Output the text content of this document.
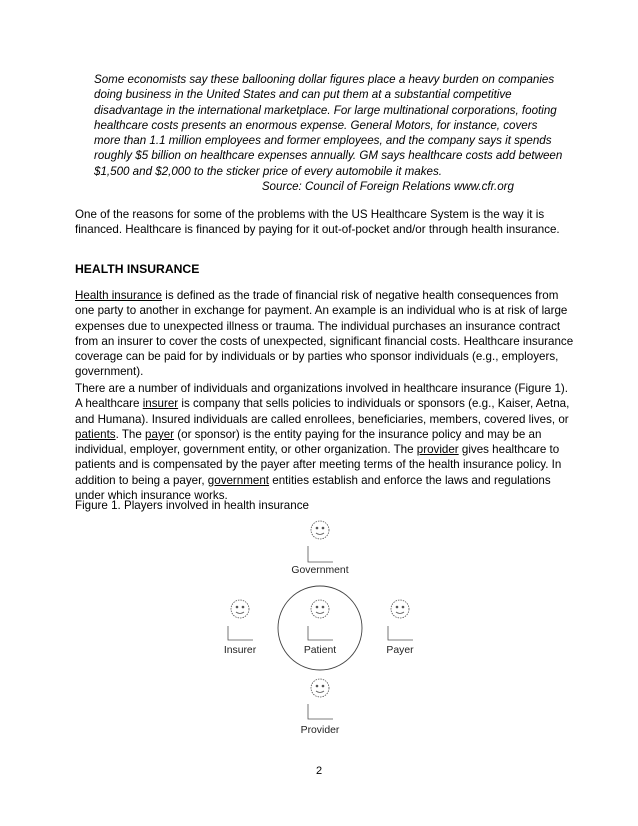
Some economists say these ballooning dollar figures place a heavy burden on companies doing business in the United States and can put them at a substantial competitive disadvantage in the international marketplace. For large multinational corporations, footing healthcare costs presents an enormous expense. General Motors, for instance, covers more than 1.1 million employees and former employees, and the company says it spends roughly $5 billion on healthcare expenses annually. GM says healthcare costs add between $1,500 and $2,000 to the sticker price of every automobile it makes.

Source: Council of Foreign Relations www.cfr.org

One of the reasons for some of the problems with the US Healthcare System is the way it is financed. Healthcare is financed by paying for it out-of-pocket and/or through health insurance.

HEALTH INSURANCE

Health insurance is defined as the trade of financial risk of negative health consequences from one party to another in exchange for payment. An example is an individual who is at risk of large expenses due to unexpected illness or trauma. The individual purchases an insurance contract from an insurer to cover the costs of unexpected, significant financial costs. Healthcare insurance coverage can be paid for by individuals or by parties who sponsor individuals (e.g., employers, government).

There are a number of individuals and organizations involved in healthcare insurance (Figure 1). A healthcare insurer is company that sells policies to individuals or sponsors (e.g., Kaiser, Aetna, and Humana). Insured individuals are called enrollees, beneficiaries, members, covered lives, or patients. The payer (or sponsor) is the entity paying for the insurance policy and may be an individual, employer, government entity, or other organization. The provider gives healthcare to patients and is compensated by the payer after meeting terms of the health insurance policy. In addition to being a payer, government entities establish and enforce the laws and regulations under which insurance works.

Figure 1. Players involved in health insurance

Government
Patient
Insurer	Payer
Provider
2
